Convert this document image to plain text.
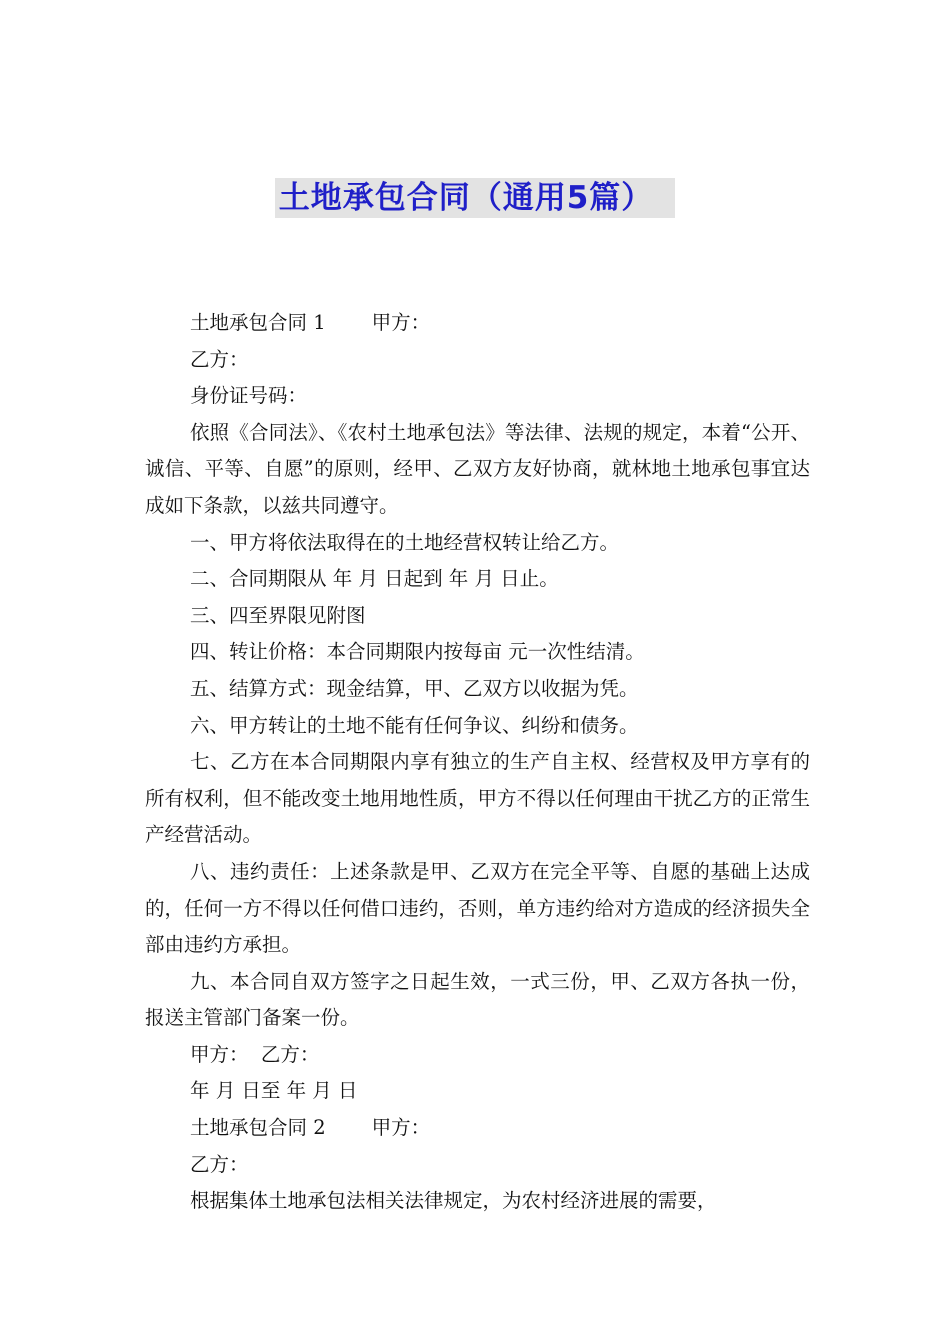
土地承包合同（通用5篇）

土地承包合同 1 甲方：

乙方：

身份证号码：

依照《合同法》、《农村土地承包法》等法律、法规的规定，本着“公开、诚信、平等、自愿”的原则，经甲、乙双方友好协商，就林地土地承包事宜达成如下条款，以兹共同遵守。

一、甲方将依法取得在的土地经营权转让给乙方。

二、合同期限从 年 月 日起到 年 月 日止。

三、四至界限见附图

四、转让价格：本合同期限内按每亩 元一次性结清。

五、结算方式：现金结算，甲、乙双方以收据为凭。

六、甲方转让的土地不能有任何争议、纠纷和债务。

七、乙方在本合同期限内享有独立的生产自主权、经营权及甲方享有的所有权利，但不能改变土地用地性质，甲方不得以任何理由干扰乙方的正常生产经营活动。

八、违约责任：上述条款是甲、乙双方在完全平等、自愿的基础上达成的，任何一方不得以任何借口违约，否则，单方违约给对方造成的经济损失全部由违约方承担。

九、本合同自双方签字之日起生效，一式三份，甲、乙双方各执一份，报送主管部门备案一份。

甲方：  乙方：

年 月 日至 年 月 日

土地承包合同 2 甲方：

乙方：

根据集体土地承包法相关法律规定，为农村经济进展的需要，
